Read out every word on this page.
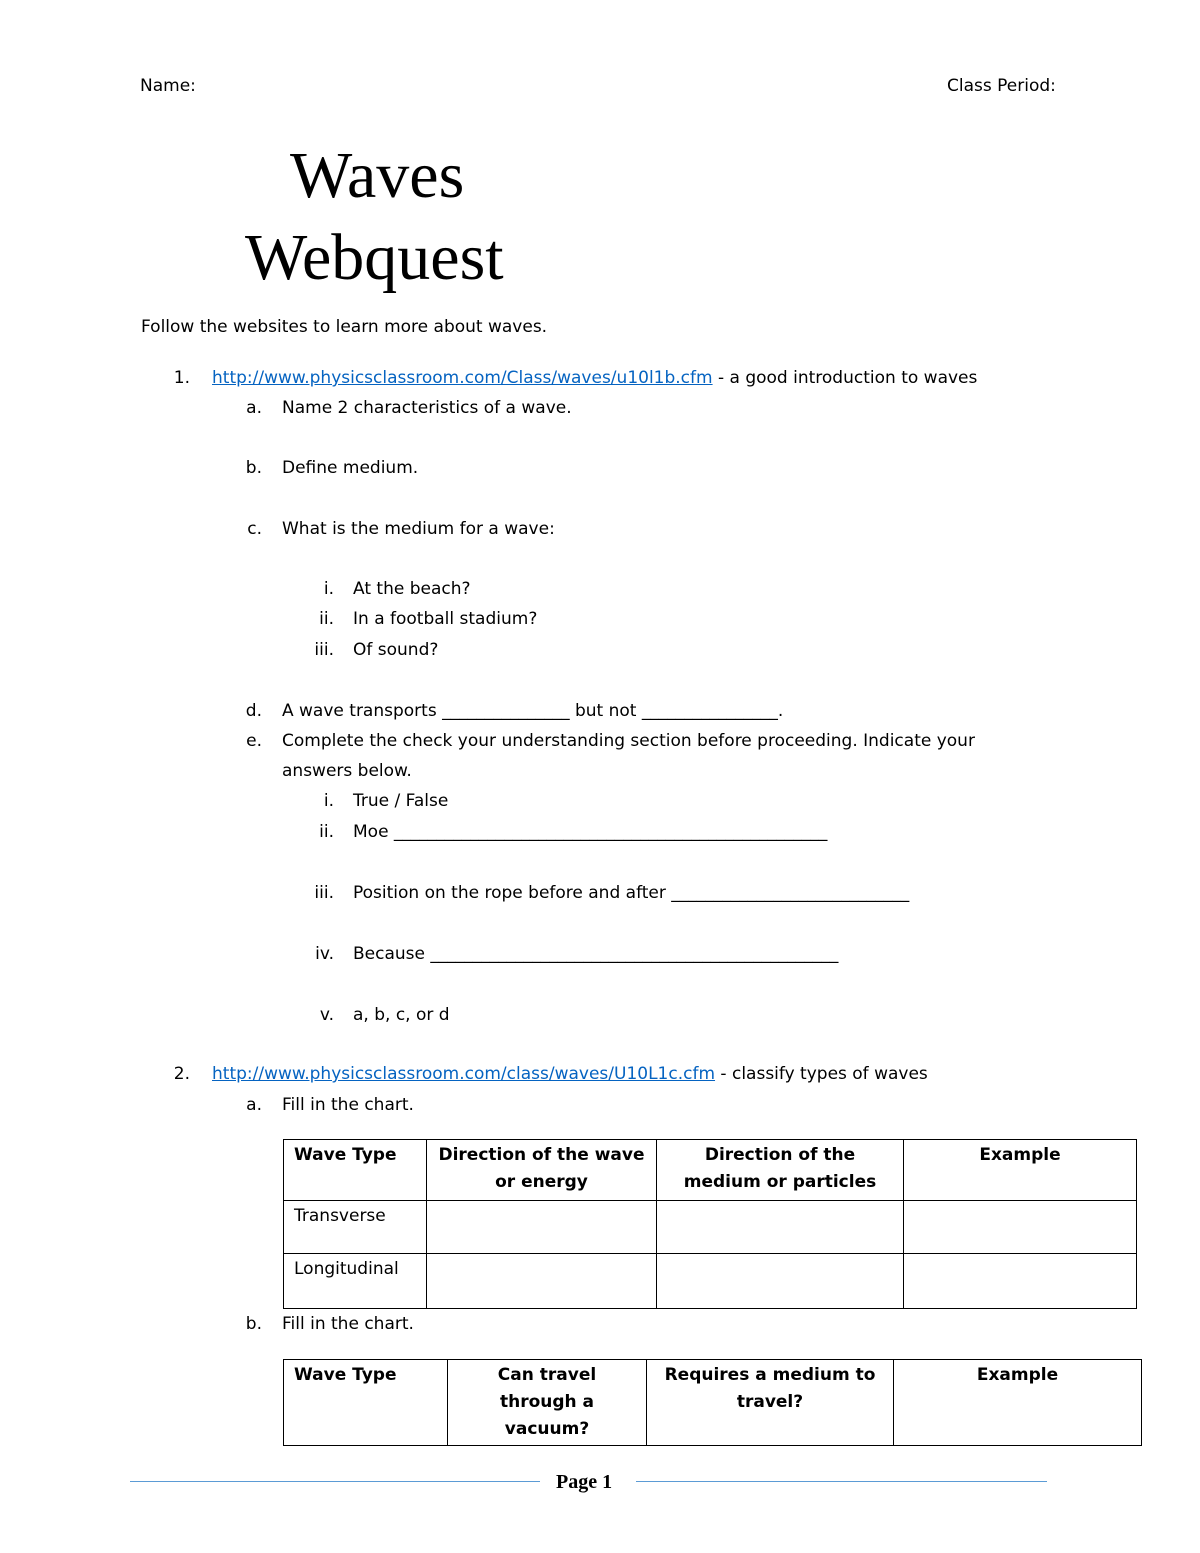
Name:	Class Period:
Waves
Webquest
Follow the websites to learn more about waves.
1. http://www.physicsclassroom.com/Class/waves/u10l1b.cfm - a good introduction to waves
a. Name 2 characteristics of a wave.
b. Define medium.
c. What is the medium for a wave:
i. At the beach?
ii. In a football stadium?
iii. Of sound?
d. A wave transports _______________ but not ________________.
e. Complete the check your understanding section before proceeding. Indicate your
answers below.
i. True / False
ii. Moe ___________________________________________________
iii. Position on the rope before and after ____________________________
iv. Because ________________________________________________
v. a, b, c, or d
2. http://www.physicsclassroom.com/class/waves/U10L1c.cfm - classify types of waves
a. Fill in the chart.
Wave Type	Direction of the wave or energy	Direction of the medium or particles	Example
Transverse			
Longitudinal			
b. Fill in the chart.
Wave Type	Can travel through a vacuum?	Requires a medium to travel?	Example
Page 1
